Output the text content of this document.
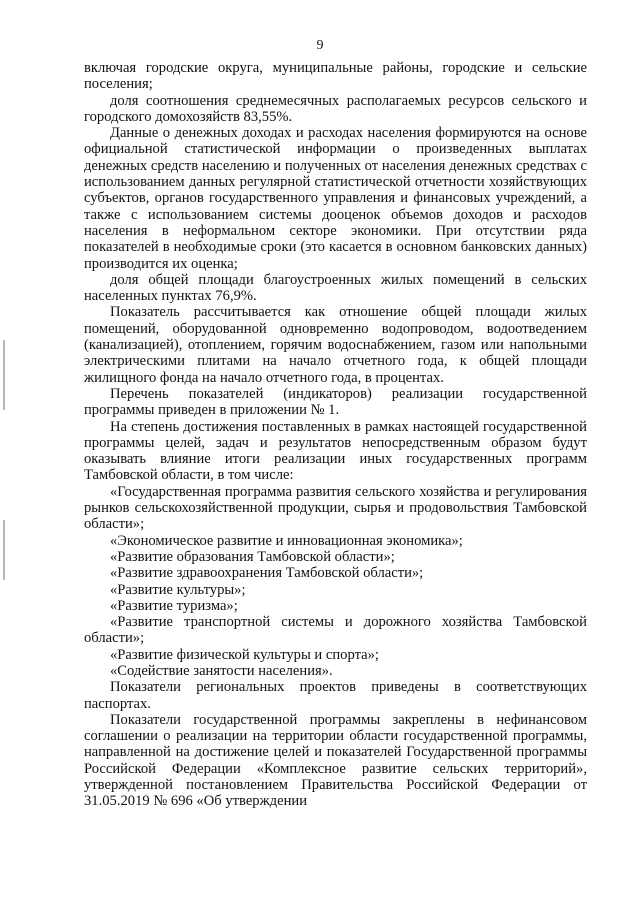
9

включая городские округа, муниципальные районы, городские и сельские поселения;

доля соотношения среднемесячных располагаемых ресурсов сельского и городского домохозяйств 83,55%.

Данные о денежных доходах и расходах населения формируются на основе официальной статистической информации о произведенных выплатах денежных средств населению и полученных от населения денежных средствах с использованием данных регулярной статистической отчетности хозяйствующих субъектов, органов государственного управления и финансовых учреждений, а также с использованием системы дооценок объемов доходов и расходов населения в неформальном секторе экономики. При отсутствии ряда показателей в необходимые сроки (это касается в основном банковских данных) производится их оценка;

доля общей площади благоустроенных жилых помещений в сельских населенных пунктах 76,9%.

Показатель рассчитывается как отношение общей площади жилых помещений, оборудованной одновременно водопроводом, водоотведением (канализацией), отоплением, горячим водоснабжением, газом или напольными электрическими плитами на начало отчетного года, к общей площади жилищного фонда на начало отчетного года, в процентах.

Перечень показателей (индикаторов) реализации государственной программы приведен в приложении № 1.

На степень достижения поставленных в рамках настоящей государственной программы целей, задач и результатов непосредственным образом будут оказывать влияние итоги реализации иных государственных программ Тамбовской области, в том числе:

«Государственная программа развития сельского хозяйства и регулирования рынков сельскохозяйственной продукции, сырья и продовольствия Тамбовской области»;

«Экономическое развитие и инновационная экономика»;

«Развитие образования Тамбовской области»;

«Развитие здравоохранения Тамбовской области»;

«Развитие культуры»;

«Развитие туризма»;

«Развитие транспортной системы и дорожного хозяйства Тамбовской области»;

«Развитие физической культуры и спорта»;

«Содействие занятости населения».

Показатели региональных проектов приведены в соответствующих паспортах.

Показатели государственной программы закреплены в нефинансовом соглашении о реализации на территории области государственной программы, направленной на достижение целей и показателей Государственной программы Российской Федерации «Комплексное развитие сельских территорий», утвержденной постановлением Правительства Российской Федерации от 31.05.2019 № 696 «Об утверждении
